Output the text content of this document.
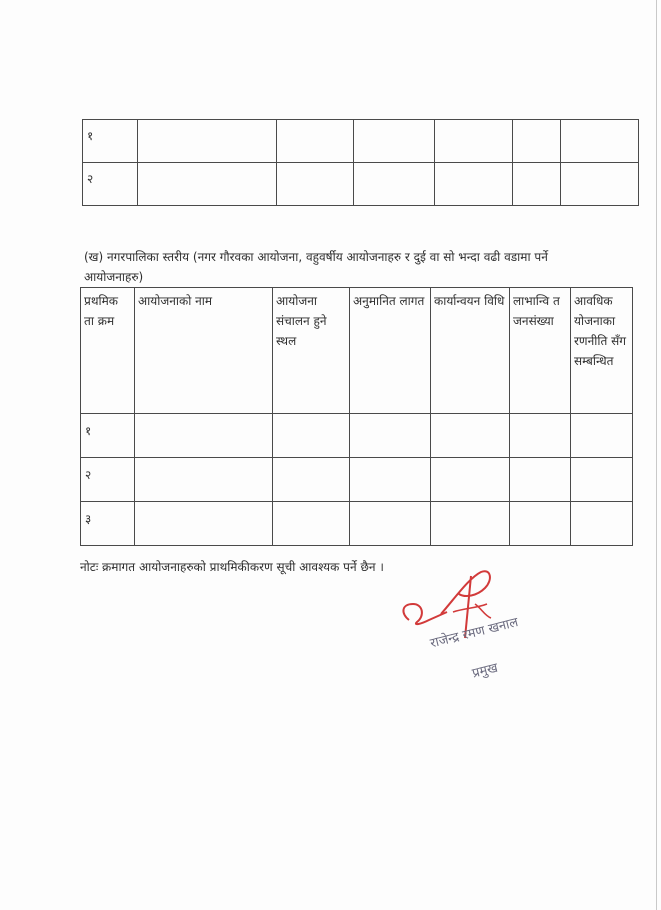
१						
२						
(ख) नगरपालिका स्तरीय (नगर गौरवका आयोजना, वहुवर्षीय आयोजनाहरु र दुई वा सो भन्दा वढी वडामा पर्ने आयोजनाहरु)
प्रथमिक ता क्रम	आयोजनाको नाम	आयोजना संचालन हुने स्थल	अनुमानित लागत	कार्यान्वयन विधि	लाभान्वि त जनसंख्या	आवधिक योजनाका रणनीति सँग सम्बन्धित
१						
२						
३						
नोटः क्रमागत आयोजनाहरुको प्राथमिकीकरण सूची आवश्यक पर्ने छैन ।
राजेन्द्र रमण खनाल
प्रमुख
